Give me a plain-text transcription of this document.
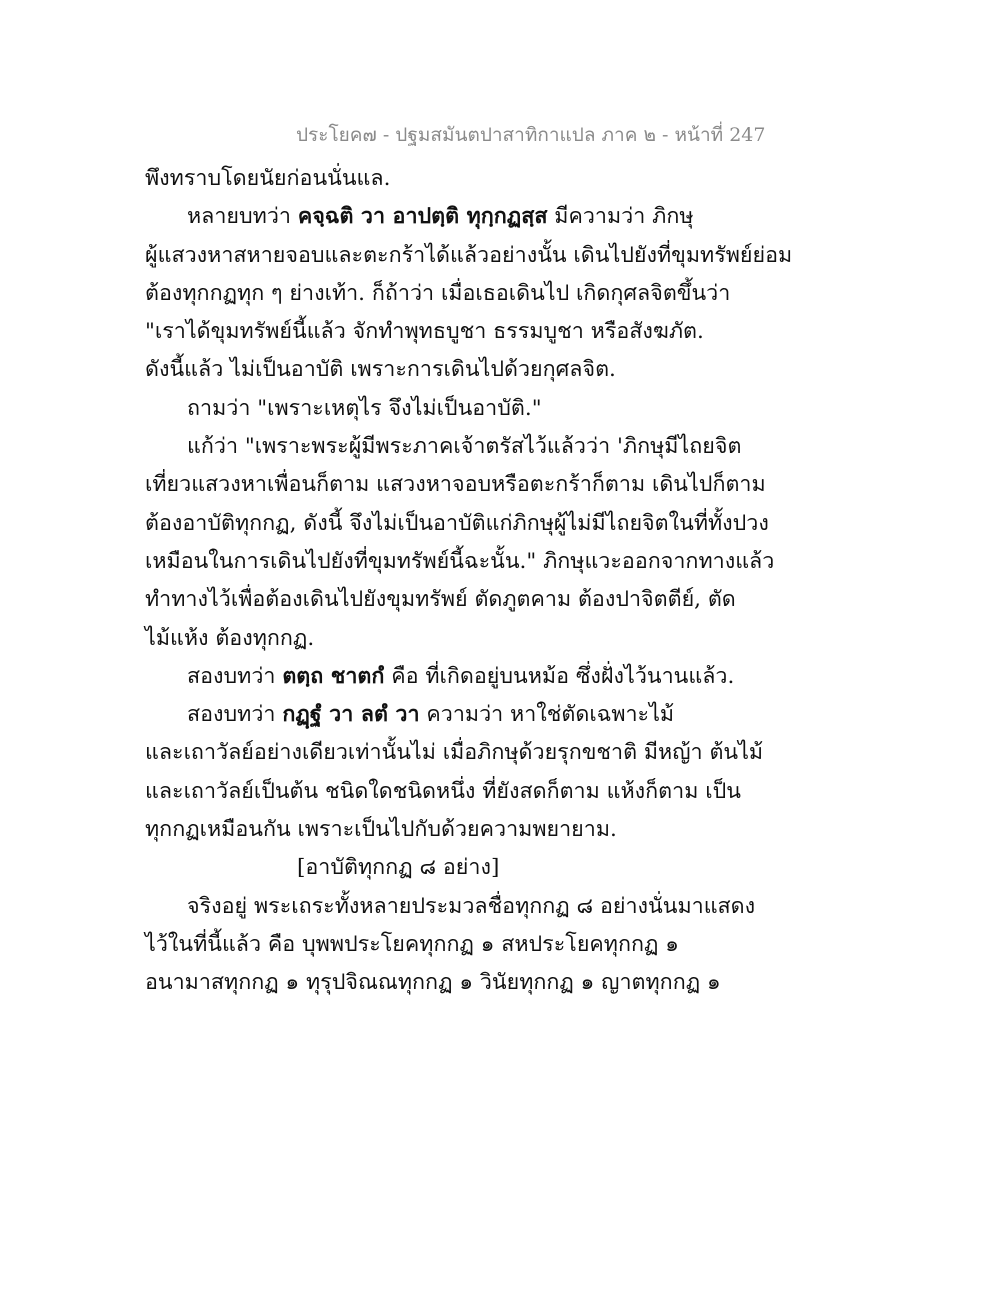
ประโยค๗ - ปฐมสมันตปาสาทิกาแปล ภาค ๒ - หน้าที่ 247
พึงทราบโดยนัยก่อนนั่นแล.
หลายบทว่า คจฺฉติ วา อาปตฺติ ทุกฺกฏสฺส มีความว่า ภิกษุ
ผู้แสวงหาสหายจอบและตะกร้าได้แล้วอย่างนั้น เดินไปยังที่ขุมทรัพย์ย่อม
ต้องทุกกฏทุก ๆ ย่างเท้า. ก็ถ้าว่า เมื่อเธอเดินไป เกิดกุศลจิตขึ้นว่า
"เราได้ขุมทรัพย์นี้แล้ว จักทำพุทธบูชา ธรรมบูชา หรือสังฆภัต.
ดังนี้แล้ว ไม่เป็นอาบัติ เพราะการเดินไปด้วยกุศลจิต.
ถามว่า "เพราะเหตุไร จึงไม่เป็นอาบัติ."
แก้ว่า "เพราะพระผู้มีพระภาคเจ้าตรัสไว้แล้วว่า 'ภิกษุมีไถยจิต
เที่ยวแสวงหาเพื่อนก็ตาม แสวงหาจอบหรือตะกร้าก็ตาม เดินไปก็ตาม
ต้องอาบัติทุกกฏ, ดังนี้ จึงไม่เป็นอาบัติแก่ภิกษุผู้ไม่มีไถยจิตในที่ทั้งปวง
เหมือนในการเดินไปยังที่ขุมทรัพย์นี้ฉะนั้น." ภิกษุแวะออกจากทางแล้ว
ทำทางไว้เพื่อต้องเดินไปยังขุมทรัพย์ ตัดภูตคาม ต้องปาจิตตีย์, ตัด
ไม้แห้ง ต้องทุกกฏ.
สองบทว่า ตตฺถ ชาตกํ คือ ที่เกิดอยู่บนหม้อ ซึ่งฝั่งไว้นานแล้ว.
สองบทว่า กฏฺฐํ วา ลตํ วา ความว่า หาใช่ตัดเฉพาะไม้
และเถาวัลย์อย่างเดียวเท่านั้นไม่ เมื่อภิกษุด้วยรุกขชาติ มีหญ้า ต้นไม้
และเถาวัลย์เป็นต้น ชนิดใดชนิดหนึ่ง ที่ยังสดก็ตาม แห้งก็ตาม เป็น
ทุกกฏเหมือนกัน เพราะเป็นไปกับด้วยความพยายาม.
[อาบัติทุกกฏ ๘ อย่าง]
จริงอยู่ พระเถระทั้งหลายประมวลชื่อทุกกฏ ๘ อย่างนั่นมาแสดง
ไว้ในที่นี้แล้ว คือ บุพพประโยคทุกกฏ ๑ สหประโยคทุกกฏ ๑
อนามาสทุกกฏ ๑ ทุรุปจิณณทุกกฏ ๑ วินัยทุกกฏ ๑ ญาตทุกกฏ ๑
